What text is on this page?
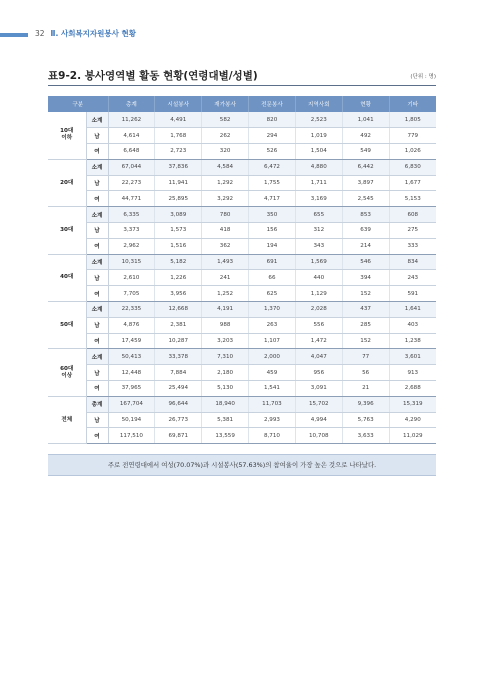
32 Ⅱ. 사회복지자원봉사 현황
표9-2. 봉사영역별 활동 현황(연령대별/성별)	(단위 : 명)
구분		총계	시설봉사	재가봉사	전문봉사	지역사회	현황	기타
10대
이하	소계	11,262	4,491	582	820	2,523	1,041	1,805
	남	4,614	1,768	262	294	1,019	492	779
	여	6,648	2,723	320	526	1,504	549	1,026
20대	소계	67,044	37,836	4,584	6,472	4,880	6,442	6,830
	남	22,273	11,941	1,292	1,755	1,711	3,897	1,677
	여	44,771	25,895	3,292	4,717	3,169	2,545	5,153
30대	소계	6,335	3,089	780	350	655	853	608
	남	3,373	1,573	418	156	312	639	275
	여	2,962	1,516	362	194	343	214	333
40대	소계	10,315	5,182	1,493	691	1,569	546	834
	남	2,610	1,226	241	66	440	394	243
	여	7,705	3,956	1,252	625	1,129	152	591
50대	소계	22,335	12,668	4,191	1,370	2,028	437	1,641
	남	4,876	2,381	988	263	556	285	403
	여	17,459	10,287	3,203	1,107	1,472	152	1,238
60대
이상	소계	50,413	33,378	7,310	2,000	4,047	77	3,601
	남	12,448	7,884	2,180	459	956	56	913
	여	37,965	25,494	5,130	1,541	3,091	21	2,688
전체	총계	167,704	96,644	18,940	11,703	15,702	9,396	15,319
	남	50,194	26,773	5,381	2,993	4,994	5,763	4,290
	여	117,510	69,871	13,559	8,710	10,708	3,633	11,029
주로 전연령대에서 여성(70.07%)과 시설봉사(57.63%)의 참여율이 가장 높은 것으로 나타났다.
